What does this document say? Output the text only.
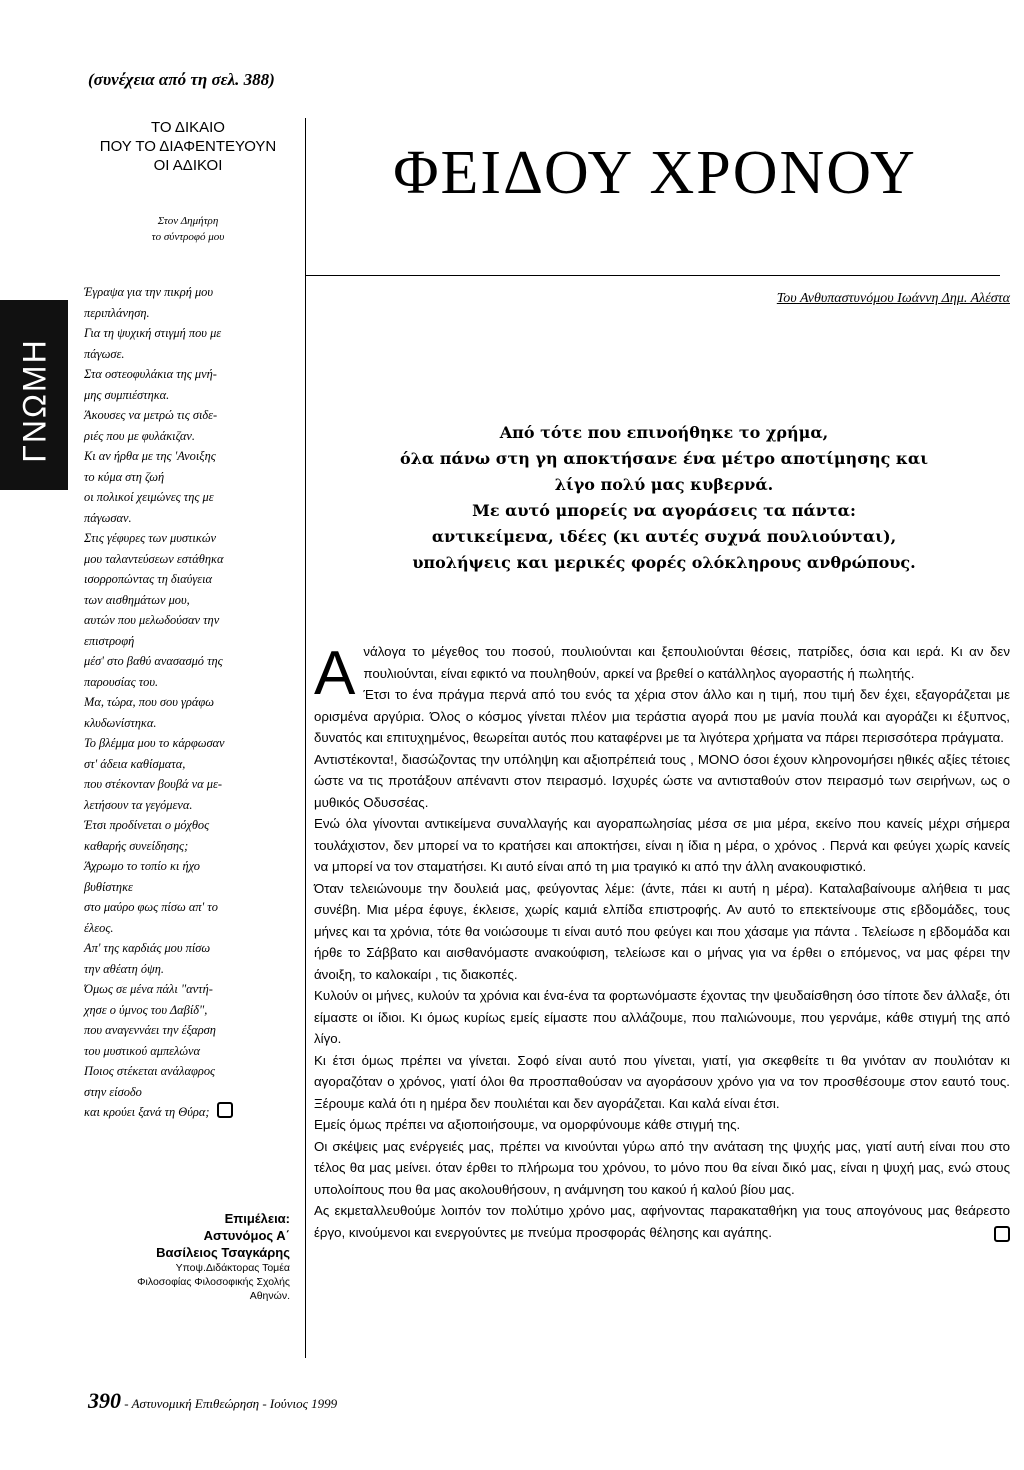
ΓΝΩΜΗ
(συνέχεια από τη σελ. 388)
ΤΟ ΔΙΚΑΙΟ
ΠΟΥ ΤΟ ΔΙΑΦΕΝΤΕΥΟΥΝ
ΟΙ ΑΔΙΚΟΙ
Στον Δημήτρη
το σύντροφό μου
ΦΕΙΔΟΥ ΧΡΟΝΟΥ
Έγραψα για την πικρή μου
περιπλάνηση.
Για τη ψυχική στιγμή που με
πάγωσε.
Στα οστεοφυλάκια της μνή-
μης συμπιέστηκα.
Άκουσες να μετρώ τις σιδε-
ριές που με φυλάκιζαν.
Κι αν ήρθα με της 'Ανοιξης
το κύμα στη ζωή
οι πολικοί χειμώνες της με
πάγωσαν.
Στις γέφυρες των μυστικών
μου ταλαντεύσεων εστάθηκα
ισορροπώντας τη διαύγεια
των αισθημάτων μου,
αυτών που μελωδούσαν την
επιστροφή
μέσ' στο βαθύ ανασασμό της
παρουσίας του.
Μα, τώρα, που σου γράφω
κλυδωνίστηκα.
Το βλέμμα μου το κάρφωσαν
στ' άδεια καθίσματα,
που στέκονταν βουβά να με-
λετήσουν τα γεγόμενα.
Έτσι προδίνεται ο μόχθος
καθαρής συνείδησης;
Άχρωμο το τοπίο κι ήχο
βυθίστηκε
στο μαύρο φως πίσω απ' το
έλεος.
Απ' της καρδιάς μου πίσω
την αθέατη όψη.
Όμως σε μένα πάλι "αντή-
χησε ο ύμνος του Δαβίδ",
που αναγεννάει την έξαρση
του μυστικού αμπελώνα
Ποιος στέκεται ανάλαφρος
στην είσοδο
και κρούει ξανά τη Θύρα;
Επιμέλεια:
Αστυνόμος Α΄
Βασίλειος Τσαγκάρης
Υποψ.Διδάκτορας Τομέα
Φιλοσοφίας Φιλοσοφικής Σχολής
Αθηνών.
Του Ανθυπαστυνόμου Ιωάννη Δημ. Αλέστα
Από τότε που επινοήθηκε το χρήμα,
όλα πάνω στη γη αποκτήσανε ένα μέτρο αποτίμησης και
λίγο πολύ μας κυβερνά.
Με αυτό μπορείς να αγοράσεις τα πάντα:
αντικείμενα, ιδέες (κι αυτές συχνά πουλιούνται),
υπολήψεις και μερικές φορές ολόκληρους ανθρώπους.

Ανάλογα το μέγεθος του ποσού, πουλιούνται και ξεπουλιούνται θέσεις, πατρίδες, όσια και ιερά. Κι αν δεν πουλιούνται, είναι εφικτό να πουληθούν, αρκεί να βρεθεί ο κατάλληλος αγοραστής ή πωλητής.

Έτσι το ένα πράγμα περνά από του ενός τα χέρια στον άλλο και η τιμή, που τιμή δεν έχει, εξαγοράζεται με ορισμένα αργύρια. Όλος ο κόσμος γίνεται πλέον μια τεράστια αγορά που με μανία πουλά και αγοράζει κι έξυπνος, δυνατός και επιτυχημένος, θεωρείται αυτός που καταφέρνει με τα λιγότερα χρήματα να πάρει περισσότερα πράγματα.

Αντιστέκοντα!, διασώζοντας την υπόληψη και αξιοπρέπειά τους , ΜΟΝΟ όσοι έχουν κληρονομήσει ηθικές αξίες τέτοιες ώστε να τις προτάξουν απέναντι στον πειρασμό. Ισχυρές ώστε να αντισταθούν στον πειρασμό των σειρήνων, ως ο μυθικός Οδυσσέας.

Ενώ όλα γίνονται αντικείμενα συναλλαγής και αγοραπωλησίας μέσα σε μια μέρα, εκείνο που κανείς μέχρι σήμερα τουλάχιστον, δεν μπορεί να το κρατήσει και αποκτήσει, είναι η ίδια η μέρα, ο χρόνος . Περνά και φεύγει χωρίς κανείς να μπορεί να τον σταματήσει. Κι αυτό είναι από τη μια τραγικό κι από την άλλη ανακουφιστικό.

Όταν τελειώνουμε την δουλειά μας, φεύγοντας λέμε: (άντε, πάει κι αυτή η μέρα). Καταλαβαίνουμε αλήθεια τι μας συνέβη. Μια μέρα έφυγε, έκλεισε, χωρίς καμιά ελπίδα επιστροφής. Αν αυτό το επεκτείνουμε στις εβδομάδες, τους μήνες και τα χρόνια, τότε θα νοιώσουμε τι είναι αυτό που φεύγει και που χάσαμε για πάντα . Τελείωσε η εβδομάδα και ήρθε το Σάββατο και αισθανόμαστε ανακούφιση, τελείωσε και ο μήνας για να έρθει ο επόμενος, να μας φέρει την άνοιξη, το καλοκαίρι , τις διακοπές.

Κυλούν οι μήνες, κυλούν τα χρόνια και ένα-ένα τα φορτωνόμαστε έχοντας την ψευδαίσθηση όσο τίποτε δεν άλλαξε, ότι είμαστε οι ίδιοι. Κι όμως κυρίως εμείς είμαστε που αλλάζουμε, που παλιώνουμε, που γερνάμε, κάθε στιγμή της από λίγο.

Κι έτσι όμως πρέπει να γίνεται. Σοφό είναι αυτό που γίνεται, γιατί, για σκεφθείτε τι θα γινόταν αν πουλιόταν κι αγοραζόταν ο χρόνος, γιατί όλοι θα προσπαθούσαν να αγοράσουν χρόνο για να τον προσθέσουμε στον εαυτό τους. Ξέρουμε καλά ότι η ημέρα δεν πουλιέται και δεν αγοράζεται. Και καλά είναι έτσι.

Εμείς όμως πρέπει να αξιοποιήσουμε, να ομορφύνουμε κάθε στιγμή της.

Οι σκέψεις μας ενέργειές μας, πρέπει να κινούνται γύρω από την ανάταση της ψυχής μας, γιατί αυτή είναι που στο τέλος θα μας μείνει. όταν έρθει το πλήρωμα του χρόνου, το μόνο που θα είναι δικό μας, είναι η ψυχή μας, ενώ στους υπολοίπους που θα μας ακολουθήσουν, η ανάμνηση του κακού ή καλού βίου μας.

Ας εκμεταλλευθούμε λοιπόν τον πολύτιμο χρόνο μας, αφήνοντας παρακαταθήκη για τους απογόνους μας θεάρεστο έργο, κινούμενοι και ενεργούντες με πνεύμα προσφοράς θέλησης και αγάπης.

390 - Αστυνομική Επιθεώρηση - Ιούνιος 1999
